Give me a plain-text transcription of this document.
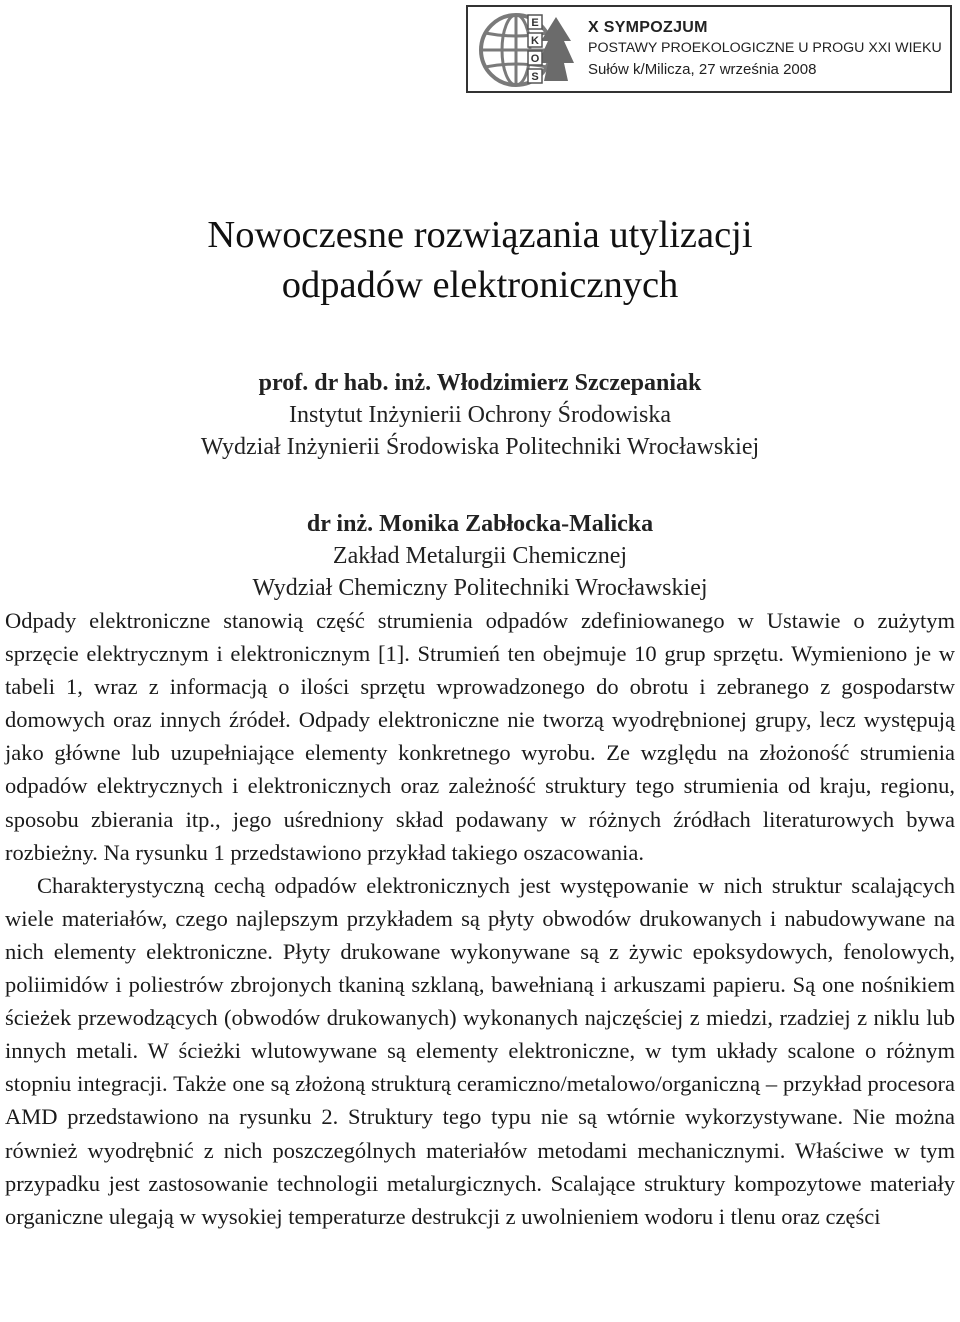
E
K
O
S
X SYMPOZJUM
POSTAWY PROEKOLOGICZNE U PROGU XXI WIEKU
Sułów k/Milicza, 27 września 2008
Nowoczesne rozwiązania utylizacji
odpadów elektronicznych
prof. dr hab. inż. Włodzimierz Szczepaniak
Instytut Inżynierii Ochrony Środowiska
Wydział Inżynierii Środowiska Politechniki Wrocławskiej
dr inż. Monika Zabłocka-Malicka
Zakład Metalurgii Chemicznej
Wydział Chemiczny Politechniki Wrocławskiej

Odpady elektroniczne stanowią część strumienia odpadów zdefiniowanego w Ustawie o zużytym sprzęcie elektrycznym i elektronicznym [1]. Strumień ten obejmuje 10 grup sprzętu. Wymieniono je w tabeli 1, wraz z informacją o ilości sprzętu wprowadzonego do obrotu i zebranego z gospodarstw domowych oraz innych źródeł. Odpady elektroniczne nie tworzą wyodrębnionej grupy, lecz występują jako główne lub uzupełniające elementy konkretnego wyrobu. Ze względu na złożoność strumienia odpadów elektrycznych i elektronicznych oraz zależność struktury tego strumienia od kraju, regionu, sposobu zbierania itp., jego uśredniony skład podawany w różnych źródłach literaturowych bywa rozbieżny. Na rysunku 1 przedstawiono przykład takiego oszacowania.

Charakterystyczną cechą odpadów elektronicznych jest występowanie w nich struktur scalających wiele materiałów, czego najlepszym przykładem są płyty obwodów drukowanych i nabudowywane na nich elementy elektroniczne. Płyty drukowane wykonywane są z żywic epoksydowych, fenolowych, poliimidów i poliestrów zbrojonych tkaniną szklaną, bawełnianą i arkuszami papieru. Są one nośnikiem ścieżek przewodzących (obwodów drukowanych) wykonanych najczęściej z miedzi, rzadziej z niklu lub innych metali. W ścieżki wlutowywane są elementy elektroniczne, w tym układy scalone o różnym stopniu integracji. Także one są złożoną strukturą ceramiczno/metalowo/organiczną – przykład procesora AMD przedstawiono na rysunku 2. Struktury tego typu nie są wtórnie wykorzystywane. Nie można również wyodrębnić z nich poszczególnych materiałów metodami mechanicznymi. Właściwe w tym przypadku jest zastosowanie technologii metalurgicznych. Scalające struktury kompozytowe materiały organiczne ulegają w wysokiej temperaturze destrukcji z uwolnieniem wodoru i tlenu oraz części
